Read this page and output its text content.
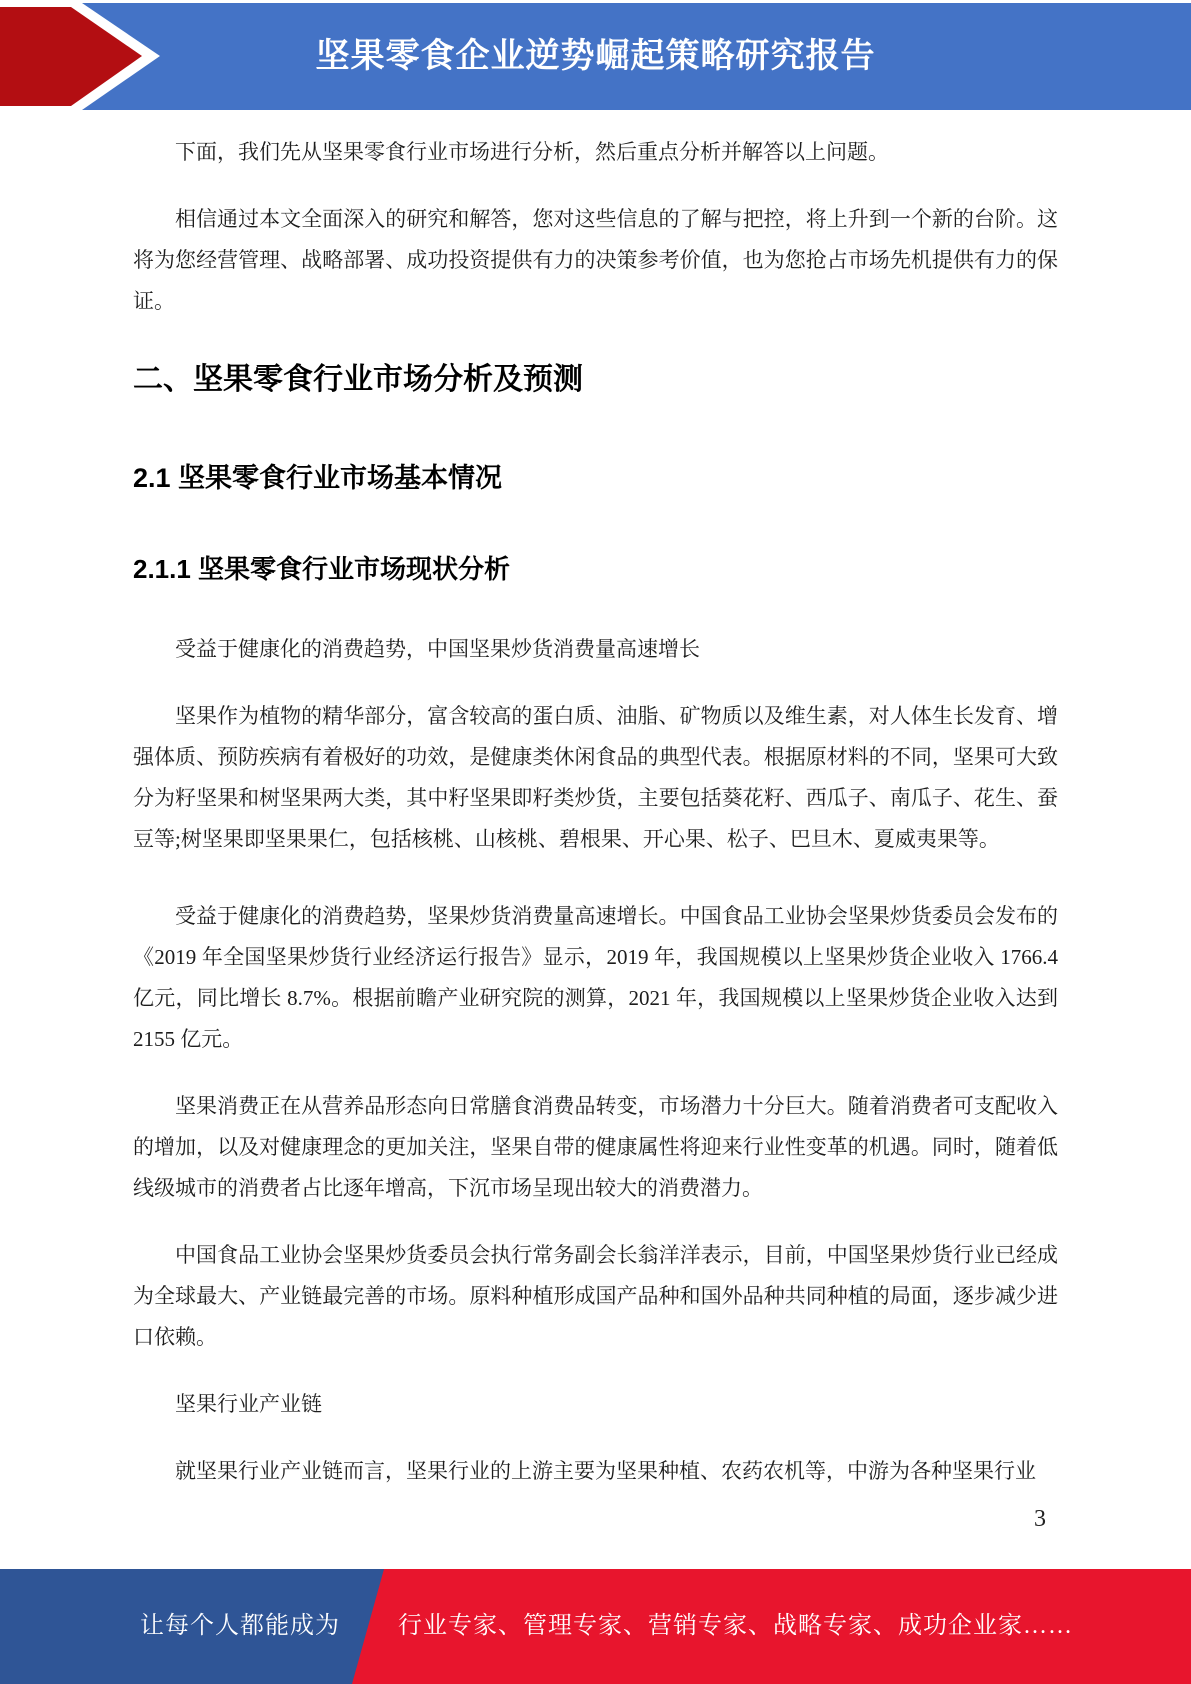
坚果零食企业逆势崛起策略研究报告

下面，我们先从坚果零食行业市场进行分析，然后重点分析并解答以上问题。

相信通过本文全面深入的研究和解答，您对这些信息的了解与把控，将上升到一个新的台阶。这将为您经营管理、战略部署、成功投资提供有力的决策参考价值，也为您抢占市场先机提供有力的保证。

二、坚果零食行业市场分析及预测
2.1 坚果零食行业市场基本情况
2.1.1 坚果零食行业市场现状分析

受益于健康化的消费趋势，中国坚果炒货消费量高速增长

坚果作为植物的精华部分，富含较高的蛋白质、油脂、矿物质以及维生素，对人体生长发育、增强体质、预防疾病有着极好的功效，是健康类休闲食品的典型代表。根据原材料的不同，坚果可大致分为籽坚果和树坚果两大类，其中籽坚果即籽类炒货，主要包括葵花籽、西瓜子、南瓜子、花生、蚕豆等;树坚果即坚果果仁，包括核桃、山核桃、碧根果、开心果、松子、巴旦木、夏威夷果等。

受益于健康化的消费趋势，坚果炒货消费量高速增长。中国食品工业协会坚果炒货委员会发布的《2019 年全国坚果炒货行业经济运行报告》显示，2019 年，我国规模以上坚果炒货企业收入 1766.4 亿元，同比增长 8.7%。根据前瞻产业研究院的测算，2021 年，我国规模以上坚果炒货企业收入达到 2155 亿元。

坚果消费正在从营养品形态向日常膳食消费品转变，市场潜力十分巨大。随着消费者可支配收入的增加，以及对健康理念的更加关注，坚果自带的健康属性将迎来行业性变革的机遇。同时，随着低线级城市的消费者占比逐年增高，下沉市场呈现出较大的消费潜力。

中国食品工业协会坚果炒货委员会执行常务副会长翁洋洋表示，目前，中国坚果炒货行业已经成为全球最大、产业链最完善的市场。原料种植形成国产品种和国外品种共同种植的局面，逐步减少进口依赖。

坚果行业产业链

就坚果行业产业链而言，坚果行业的上游主要为坚果种植、农药农机等，中游为各种坚果行业

3
让每个人都能成为 行业专家、管理专家、营销专家、战略专家、成功企业家……
